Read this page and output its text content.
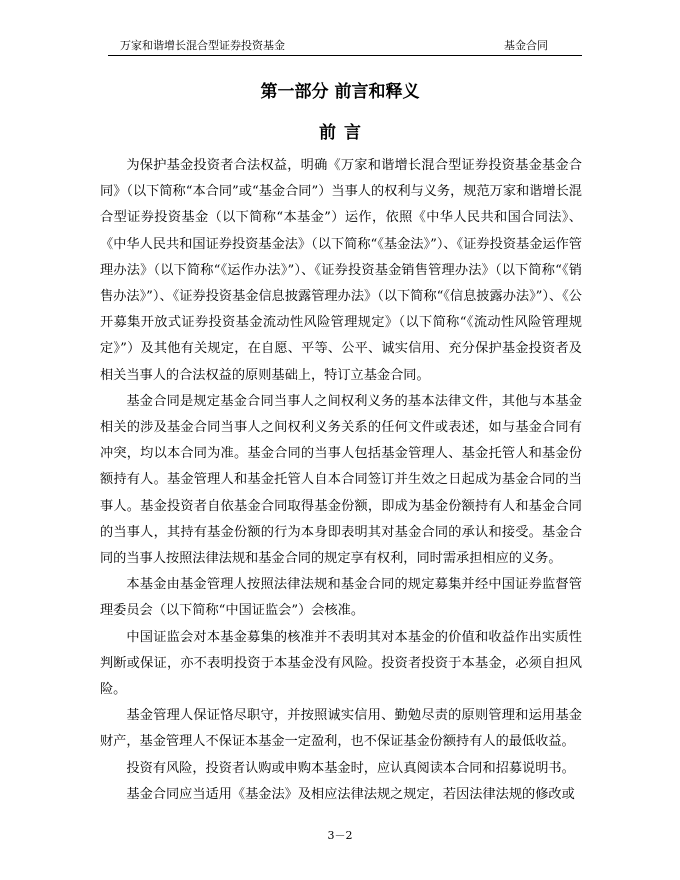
万家和谐增长混合型证券投资基金	基金合同
第一部分 前言和释义
前言

为保护基金投资者合法权益，明确《万家和谐增长混合型证券投资基金基金合同》（以下简称“本合同”或“基金合同”）当事人的权利与义务，规范万家和谐增长混合型证券投资基金（以下简称“本基金”）运作，依照《中华人民共和国合同法》、《中华人民共和国证券投资基金法》（以下简称“《基金法》”）、《证券投资基金运作管理办法》（以下简称“《运作办法》”）、《证券投资基金销售管理办法》（以下简称“《销售办法》”）、《证券投资基金信息披露管理办法》（以下简称“《信息披露办法》”）、《公开募集开放式证券投资基金流动性风险管理规定》（以下简称“《流动性风险管理规定》”）及其他有关规定，在自愿、平等、公平、诚实信用、充分保护基金投资者及相关当事人的合法权益的原则基础上，特订立基金合同。

基金合同是规定基金合同当事人之间权利义务的基本法律文件，其他与本基金相关的涉及基金合同当事人之间权利义务关系的任何文件或表述，如与基金合同有冲突，均以本合同为准。基金合同的当事人包括基金管理人、基金托管人和基金份额持有人。基金管理人和基金托管人自本合同签订并生效之日起成为基金合同的当事人。基金投资者自依基金合同取得基金份额，即成为基金份额持有人和基金合同的当事人，其持有基金份额的行为本身即表明其对基金合同的承认和接受。基金合同的当事人按照法律法规和基金合同的规定享有权利，同时需承担相应的义务。

本基金由基金管理人按照法律法规和基金合同的规定募集并经中国证券监督管理委员会（以下简称“中国证监会”）会核准。

中国证监会对本基金募集的核准并不表明其对本基金的价值和收益作出实质性判断或保证，亦不表明投资于本基金没有风险。投资者投资于本基金，必须自担风险。

基金管理人保证恪尽职守，并按照诚实信用、勤勉尽责的原则管理和运用基金财产，基金管理人不保证本基金一定盈利，也不保证基金份额持有人的最低收益。

投资有风险，投资者认购或申购本基金时，应认真阅读本合同和招募说明书。

基金合同应当适用《基金法》及相应法律法规之规定，若因法律法规的修改或

3－2
